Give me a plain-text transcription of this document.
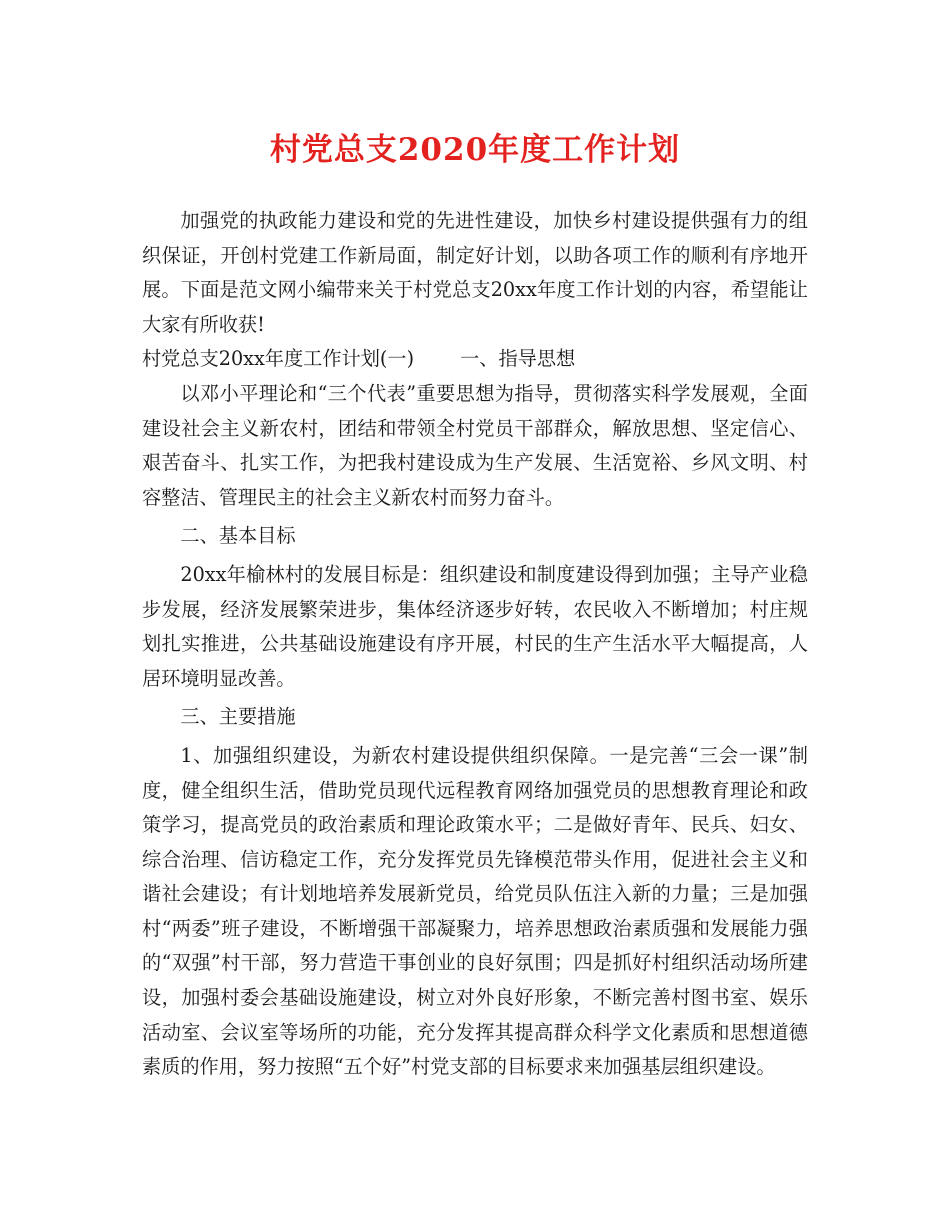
村党总支2020年度工作计划

加强党的执政能力建设和党的先进性建设，加快乡村建设提供强有力的组织保证，开创村党建工作新局面，制定好计划，以助各项工作的顺利有序地开展。下面是范文网小编带来关于村党总支20xx年度工作计划的内容，希望能让大家有所收获!

村党总支20xx年度工作计划(一) 一、指导思想

以邓小平理论和“三个代表”重要思想为指导，贯彻落实科学发展观，全面建设社会主义新农村，团结和带领全村党员干部群众，解放思想、坚定信心、艰苦奋斗、扎实工作，为把我村建设成为生产发展、生活宽裕、乡风文明、村容整洁、管理民主的社会主义新农村而努力奋斗。

二、基本目标

20xx年榆林村的发展目标是：组织建设和制度建设得到加强；主导产业稳步发展，经济发展繁荣进步，集体经济逐步好转，农民收入不断增加；村庄规划扎实推进，公共基础设施建设有序开展，村民的生产生活水平大幅提高，人居环境明显改善。

三、主要措施

1、加强组织建设，为新农村建设提供组织保障。一是完善“三会一课”制度，健全组织生活，借助党员现代远程教育网络加强党员的思想教育理论和政策学习，提高党员的政治素质和理论政策水平；二是做好青年、民兵、妇女、综合治理、信访稳定工作，充分发挥党员先锋模范带头作用，促进社会主义和谐社会建设；有计划地培养发展新党员，给党员队伍注入新的力量；三是加强村“两委”班子建设，不断增强干部凝聚力，培养思想政治素质强和发展能力强的“双强”村干部，努力营造干事创业的良好氛围；四是抓好村组织活动场所建设，加强村委会基础设施建设，树立对外良好形象，不断完善村图书室、娱乐活动室、会议室等场所的功能，充分发挥其提高群众科学文化素质和思想道德素质的作用，努力按照“五个好”村党支部的目标要求来加强基层组织建设。
